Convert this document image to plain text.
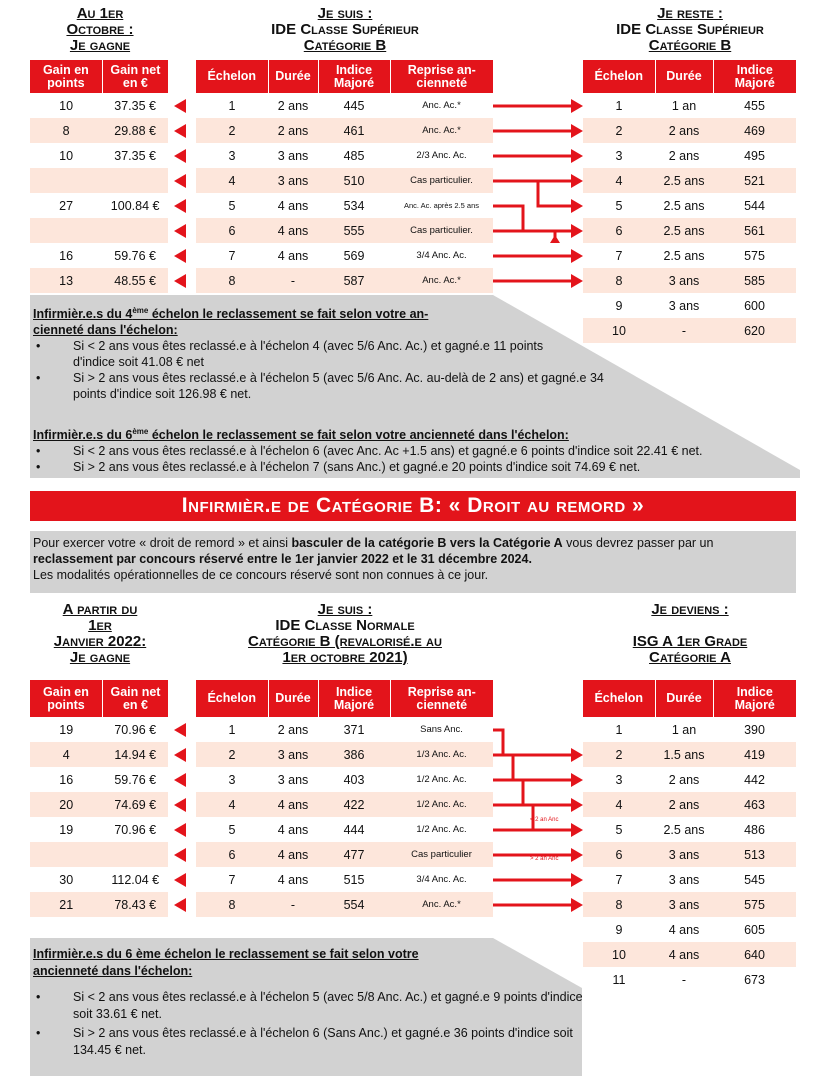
Au 1er
Octobre :
Je gagne
Je suis :
IDE Classe Supérieur
Catégorie B
Je reste :
IDE Classe Supérieur
Catégorie B
Gain en points	Gain net en €
10	37.35 €
8	29.88 €
10	37.35 €

27	100.84 €

16	59.76 €
13	48.55 €
Échelon	Durée	Indice Majoré	Reprise an-cienneté
1	2 ans	445	Anc. Ac.*
2	2 ans	461	Anc. Ac.*
3	3 ans	485	2/3 Anc. Ac.
4	3 ans	510	Cas particulier.
5	4 ans	534	Anc. Ac. après 2.5 ans
6	4 ans	555	Cas particulier.
7	4 ans	569	3/4 Anc. Ac.
8	-	587	Anc. Ac.*
Échelon	Durée	Indice Majoré
1	1 an	455
2	2 ans	469
3	2 ans	495
4	2.5 ans	521
5	2.5 ans	544
6	2.5 ans	561
7	2.5 ans	575
8	3 ans	585
9	3 ans	600
10	-	620

Infirmièr.e.s du 4ème échelon le reclassement se fait selon votre an-cienneté dans l'échelon:

• Si < 2 ans vous êtes reclassé.e à l'échelon 4 (avec 5/6 Anc. Ac.) et gagné.e 11 points d'indice soit 41.08 € net
• Si > 2 ans vous êtes reclassé.e à l'échelon 5 (avec 5/6 Anc. Ac. au-delà de 2 ans) et gagné.e 34 points d'indice soit 126.98 € net.

Infirmièr.e.s du 6ème échelon le reclassement se fait selon votre ancienneté dans l'échelon:

• Si < 2 ans vous êtes reclassé.e à l'échelon 6 (avec Anc. Ac +1.5 ans) et gagné.e 6 points d'indice soit 22.41 € net.
• Si > 2 ans vous êtes reclassé.e à l'échelon 7 (sans Anc.) et gagné.e 20 points d'indice soit 74.69 € net.
Infirmièr.e de Catégorie B: « Droit au remord »
Pour exercer votre « droit de remord » et ainsi basculer de la catégorie B vers la Catégorie A vous devrez passer par un reclassement par concours réservé entre le 1er janvier 2022 et le 31 décembre 2024.
Les modalités opérationnelles de ce concours réservé sont non connues à ce jour.
A partir du
1er
Janvier 2022:
Je gagne
Je suis :
IDE Classe Normale
Catégorie B (revalorisé.e au
1er octobre 2021)
Je deviens :
ISG A 1er Grade
Catégorie A
Gain en points	Gain net en €
19	70.96 €
4	14.94 €
16	59.76 €
20	74.69 €
19	70.96 €

30	112.04 €
21	78.43 €
Échelon	Durée	Indice Majoré	Reprise an-cienneté
1	2 ans	371	Sans Anc.
2	3 ans	386	1/3 Anc. Ac.
3	3 ans	403	1/2 Anc. Ac.
4	4 ans	422	1/2 Anc. Ac.
5	4 ans	444	1/2 Anc. Ac.
6	4 ans	477	Cas particulier
7	4 ans	515	3/4 Anc. Ac.
8	-	554	Anc. Ac.*
Échelon	Durée	Indice Majoré
1	1 an	390
2	1.5 ans	419
3	2 ans	442
4	2 ans	463
5	2.5 ans	486
6	3 ans	513
7	3 ans	545
8	3 ans	575
9	4 ans	605
10	4 ans	640
11	-	673
< 2 an Anc
> 2 an Anc

Infirmièr.e.s du 6 ème échelon le reclassement se fait selon votre ancienneté dans l'échelon:

• Si < 2 ans vous êtes reclassé.e à l'échelon 5 (avec 5/8 Anc. Ac.) et gagné.e 9 points d'indice soit 33.61 € net.
• Si > 2 ans vous êtes reclassé.e à l'échelon 6 (Sans Anc.) et gagné.e 36 points d'indice soit 134.45 € net.
